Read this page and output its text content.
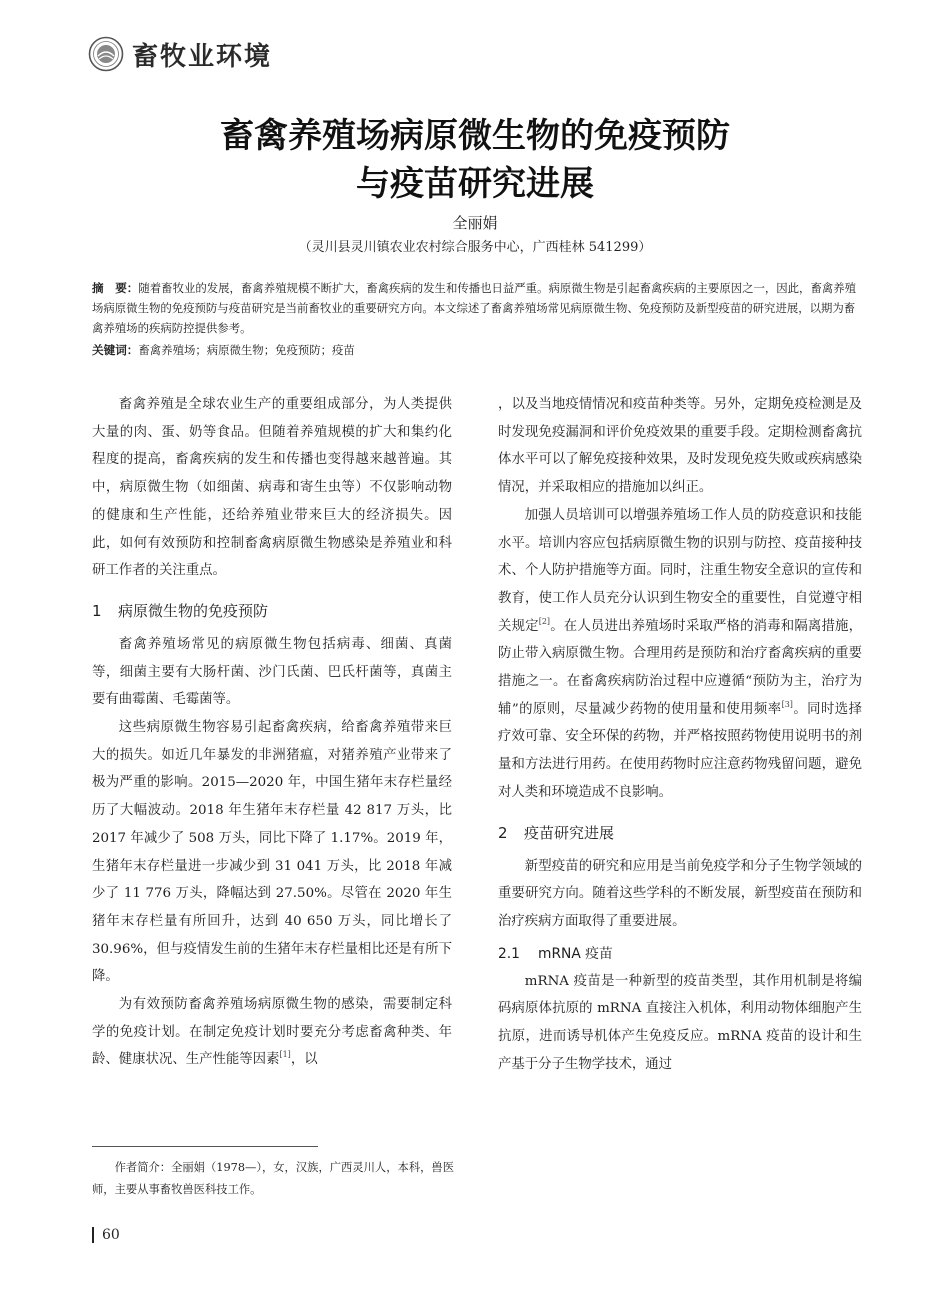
畜牧业环境
畜禽养殖场病原微生物的免疫预防
与疫苗研究进展
全丽娟
（灵川县灵川镇农业农村综合服务中心，广西桂林 541299）
摘　要：随着畜牧业的发展，畜禽养殖规模不断扩大，畜禽疾病的发生和传播也日益严重。病原微生物是引起畜禽疾病的主要原因之一，因此，畜禽养殖场病原微生物的免疫预防与疫苗研究是当前畜牧业的重要研究方向。本文综述了畜禽养殖场常见病原微生物、免疫预防及新型疫苗的研究进展，以期为畜禽养殖场的疾病防控提供参考。
关键词：畜禽养殖场；病原微生物；免疫预防；疫苗

畜禽养殖是全球农业生产的重要组成部分，为人类提供大量的肉、蛋、奶等食品。但随着养殖规模的扩大和集约化程度的提高，畜禽疾病的发生和传播也变得越来越普遍。其中，病原微生物（如细菌、病毒和寄生虫等）不仅影响动物的健康和生产性能，还给养殖业带来巨大的经济损失。因此，如何有效预防和控制畜禽病原微生物感染是养殖业和科研工作者的关注重点。

1 病原微生物的免疫预防

畜禽养殖场常见的病原微生物包括病毒、细菌、真菌等，细菌主要有大肠杆菌、沙门氏菌、巴氏杆菌等，真菌主要有曲霉菌、毛霉菌等。

这些病原微生物容易引起畜禽疾病，给畜禽养殖带来巨大的损失。如近几年暴发的非洲猪瘟，对猪养殖产业带来了极为严重的影响。2015—2020 年，中国生猪年末存栏量经历了大幅波动。2018 年生猪年末存栏量 42 817 万头，比 2017 年减少了 508 万头，同比下降了 1.17%。2019 年，生猪年末存栏量进一步减少到 31 041 万头，比 2018 年减少了 11 776 万头，降幅达到 27.50%。尽管在 2020 年生猪年末存栏量有所回升，达到 40 650 万头，同比增长了 30.96%，但与疫情发生前的生猪年末存栏量相比还是有所下降。

为有效预防畜禽养殖场病原微生物的感染，需要制定科学的免疫计划。在制定免疫计划时要充分考虑畜禽种类、年龄、健康状况、生产性能等因素[1]，以

，以及当地疫情情况和疫苗种类等。另外，定期免疫检测是及时发现免疫漏洞和评价免疫效果的重要手段。定期检测畜禽抗体水平可以了解免疫接种效果，及时发现免疫失败或疾病感染情况，并采取相应的措施加以纠正。

加强人员培训可以增强养殖场工作人员的防疫意识和技能水平。培训内容应包括病原微生物的识别与防控、疫苗接种技术、个人防护措施等方面。同时，注重生物安全意识的宣传和教育，使工作人员充分认识到生物安全的重要性，自觉遵守相关规定[2]。在人员进出养殖场时采取严格的消毒和隔离措施，防止带入病原微生物。合理用药是预防和治疗畜禽疾病的重要措施之一。在畜禽疾病防治过程中应遵循“预防为主，治疗为辅”的原则，尽量减少药物的使用量和使用频率[3]。同时选择疗效可靠、安全环保的药物，并严格按照药物使用说明书的剂量和方法进行用药。在使用药物时应注意药物残留问题，避免对人类和环境造成不良影响。

2 疫苗研究进展

新型疫苗的研究和应用是当前免疫学和分子生物学领域的重要研究方向。随着这些学科的不断发展，新型疫苗在预防和治疗疾病方面取得了重要进展。

2.1 mRNA 疫苗

mRNA 疫苗是一种新型的疫苗类型，其作用机制是将编码病原体抗原的 mRNA 直接注入机体，利用动物体细胞产生抗原，进而诱导机体产生免疫反应。mRNA 疫苗的设计和生产基于分子生物学技术，通过

作者简介：全丽娟（1978—），女，汉族，广西灵川人，本科，兽医师，主要从事畜牧兽医科技工作。
60
